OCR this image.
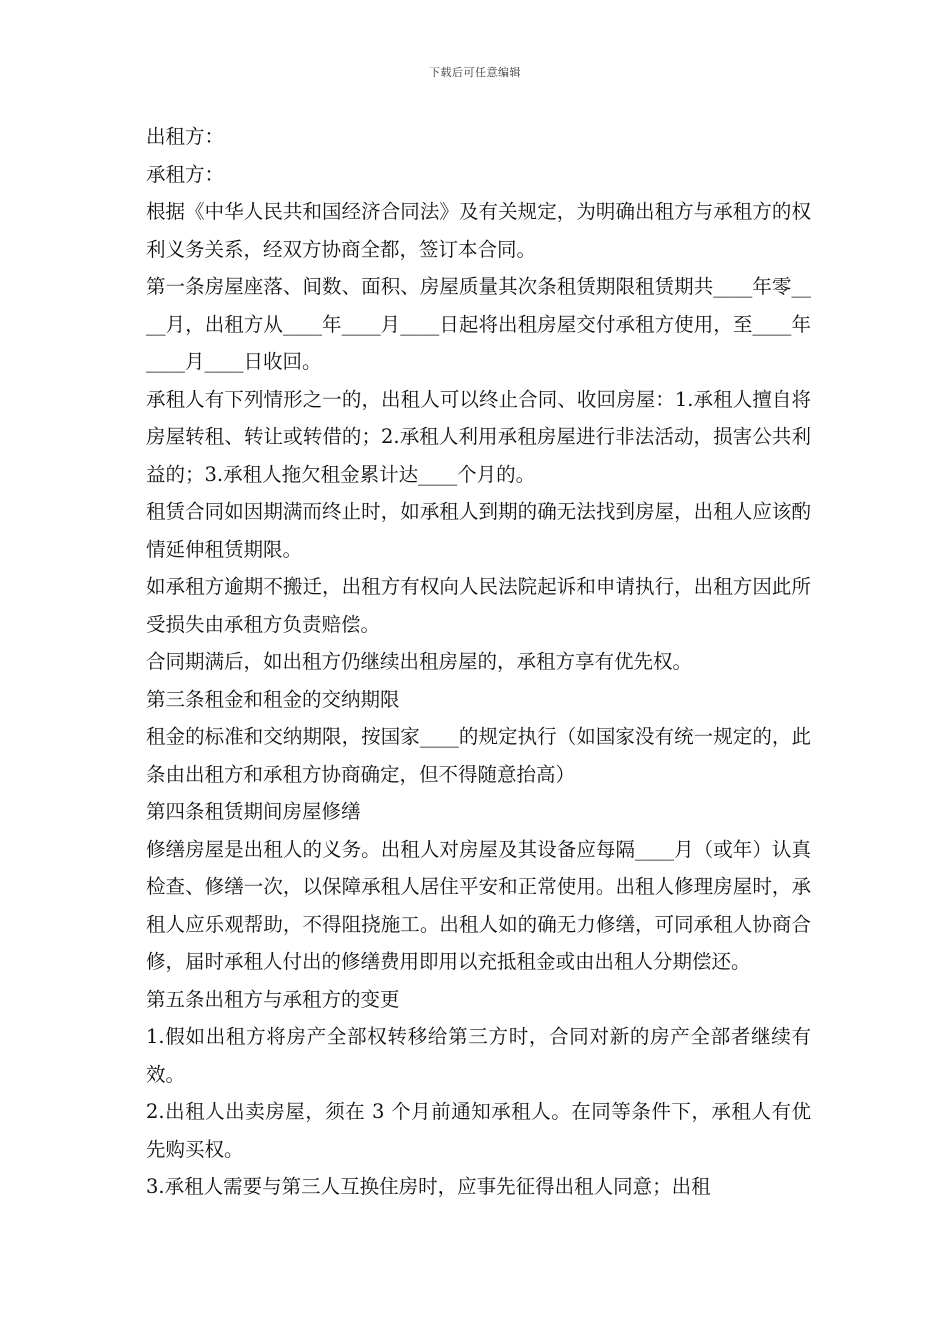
下载后可任意编辑

出租方：

承租方：

根据《中华人民共和国经济合同法》及有关规定，为明确出租方与承租方的权利义务关系，经双方协商全都，签订本合同。

第一条房屋座落、间数、面积、房屋质量其次条租赁期限租赁期共____年零____月，出租方从____年____月____日起将出租房屋交付承租方使用，至____年____月____日收回。

承租人有下列情形之一的，出租人可以终止合同、收回房屋：1.承租人擅自将房屋转租、转让或转借的；2.承租人利用承租房屋进行非法活动，损害公共利益的；3.承租人拖欠租金累计达____个月的。

租赁合同如因期满而终止时，如承租人到期的确无法找到房屋，出租人应该酌情延伸租赁期限。

如承租方逾期不搬迁，出租方有权向人民法院起诉和申请执行，出租方因此所受损失由承租方负责赔偿。

合同期满后，如出租方仍继续出租房屋的，承租方享有优先权。

第三条租金和租金的交纳期限

租金的标准和交纳期限，按国家____的规定执行（如国家没有统一规定的，此条由出租方和承租方协商确定，但不得随意抬高）

第四条租赁期间房屋修缮

修缮房屋是出租人的义务。出租人对房屋及其设备应每隔____月（或年）认真检查、修缮一次，以保障承租人居住平安和正常使用。出租人修理房屋时，承租人应乐观帮助，不得阻挠施工。出租人如的确无力修缮，可同承租人协商合修，届时承租人付出的修缮费用即用以充抵租金或由出租人分期偿还。

第五条出租方与承租方的变更

1.假如出租方将房产全部权转移给第三方时，合同对新的房产全部者继续有效。

2.出租人出卖房屋，须在 3 个月前通知承租人。在同等条件下，承租人有优先购买权。

3.承租人需要与第三人互换住房时，应事先征得出租人同意；出租
